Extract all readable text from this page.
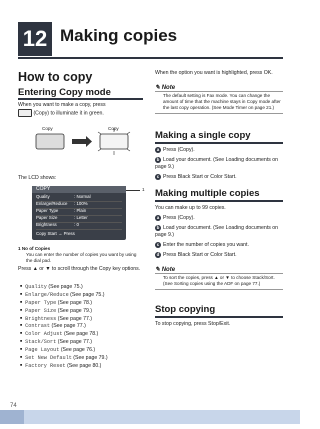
12 Making copies
How to copy
Entering Copy mode
When you want to make a copy, press
(Copy) to illuminate it in green.
Copy	Copy
The LCD shows:
COPY
Quality	: Normal
Enlarge/Reduce	: 100%
Paper Type	: Plain
Paper Size	: Letter
Brightness	: 0
Copy Start → Press
1
1 No of Copies
You can enter the number of copies you want by using the dial pad.
Press ▲ or ▼ to scroll through the Copy key options.
■ Quality (See page 75.)
■ Enlarge/Reduce (See page 75.)
■ Paper Type (See page 78.)
■ Paper Size (See page 79.)
■ Brightness (See page 77.)
■ Contrast (See page 77.)
■ Color Adjust (See page 78.)
■ Stack/Sort (See page 77.)
■ Page Layout (See page 76.)
■ Set New Default (See page 79.)
■ Factory Reset (See page 80.)
When the option you want is highlighted, press OK.
✎ Note
The default setting is Fax mode. You can change the amount of time that the machine stays in Copy mode after the last copy operation. (See Mode Timer on page 21.)
Making a single copy
a Press (Copy).
b Load your document. (See Loading documents on page 9.)
c Press Black Start or Color Start.
Making multiple copies
You can make up to 99 copies.
a Press (Copy).
b Load your document. (See Loading documents on page 9.)
c Enter the number of copies you want.
d Press Black Start or Color Start.
✎ Note
To sort the copies, press ▲ or ▼ to choose Stack/Sort. (See Sorting copies using the ADF on page 77.)
Stop copying
To stop copying, press Stop/Exit.
74
